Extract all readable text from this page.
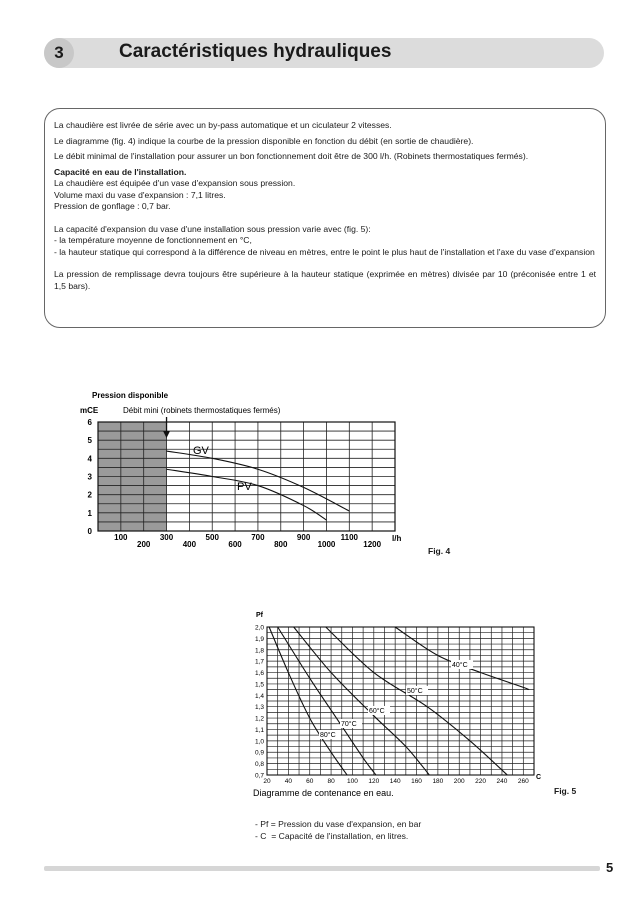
3	Caractéristiques hydrauliques

La chaudière est livrée de série avec un by-pass automatique et un ciculateur 2 vitesses.

Le diagramme (fig. 4) indique la courbe de la pression disponible en fonction du débit (en sortie de chaudière).

Le débit minimal de l'installation pour assurer un bon fonctionnement doit être de 300 l/h. (Robinets thermostatiques fermés).

Capacité en eau de l'installation.

La chaudière est équipée d'un vase d'expansion sous pression.

Volume maxi du vase d'expansion : 7,1 litres.

Pression de gonflage : 0,7 bar.

La capacité d'expansion du vase d'une installation sous pression varie avec (fig. 5):

- la température moyenne de fonctionnement en °C,

- la hauteur statique qui correspond à la différence de niveau en mètres, entre le point le plus haut de l'installation et l'axe du vase d'expansion

La pression de remplissage devra toujours être supérieure à la hauteur statique (exprimée en mètres) divisée par 10 (préconisée entre 1 et 1,5 bars).

Pression disponible
mCE	Débit mini (robinets thermostatiques fermés)
l/h
0
1
2
3
4
5
6
100
200
300
400
500
600
700
800
900
1000
1100
1200
GV
PV
Fig. 4
Pf
C
Diagramme de contenance en eau.
2,0
1,9
1,8
1,7
1,6
1,5
1,4
1,3
1,2
1,1
1,0
0,9
0,8
0,7
20 40 60 80 100 120 140 160 180 200 220 240 260
80°C
70°C
60°C
50°C
40°C
Fig. 5

- Pf = Pression du vase d'expansion, en bar

- C  = Capacité de l'installation, en litres.

5
